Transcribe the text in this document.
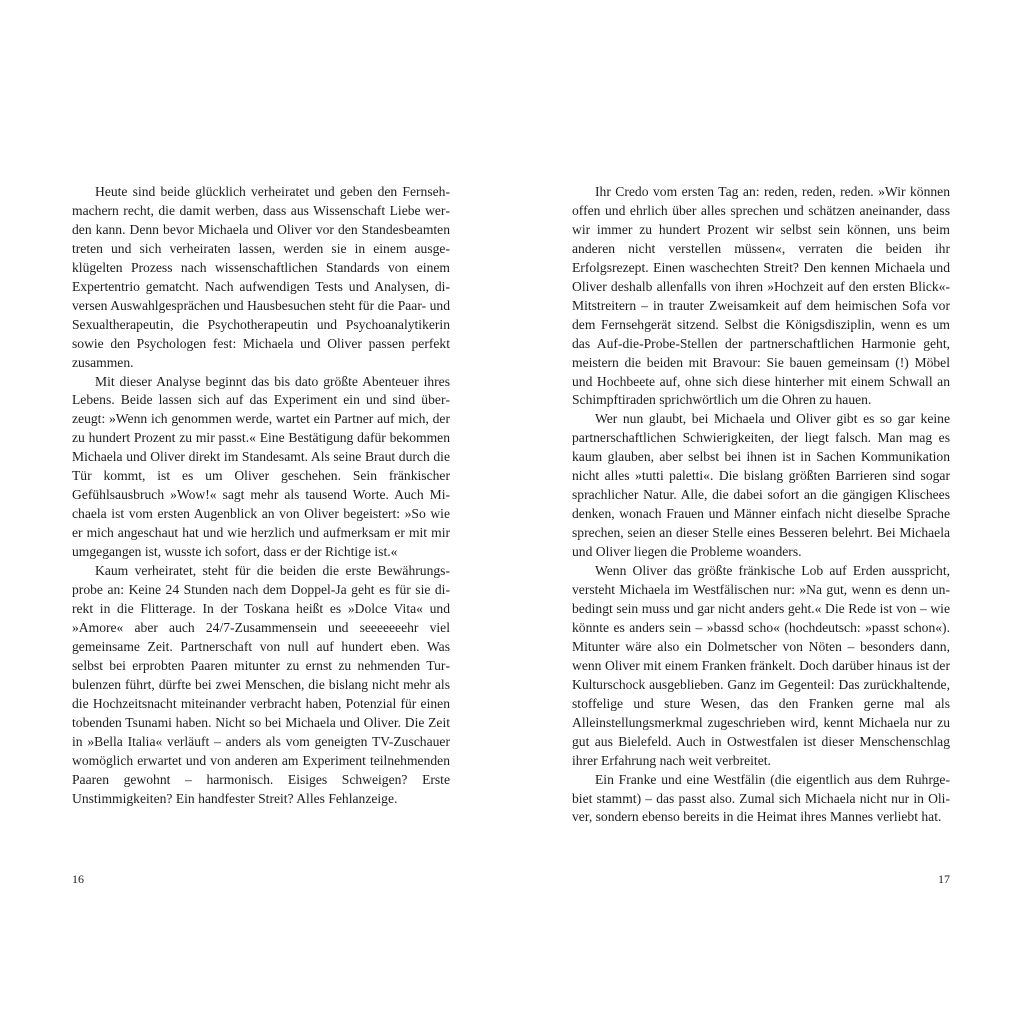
Heute sind beide glücklich verheiratet und geben den Fernsehmachern recht, die damit werben, dass aus Wissenschaft Liebe werden kann. Denn bevor Michaela und Oliver vor den Standesbeamten treten und sich verheiraten lassen, werden sie in einem ausgeklügelten Prozess nach wissenschaftlichen Standards von einem Expertentrio gematcht. Nach aufwendigen Tests und Analysen, diversen Auswahlgesprächen und Hausbesuchen steht für die Paar- und Sexualtherapeutin, die Psychotherapeutin und Psychoanalytikerin sowie den Psychologen fest: Michaela und Oliver passen perfekt zusammen.

Mit dieser Analyse beginnt das bis dato größte Abenteuer ihres Lebens. Beide lassen sich auf das Experiment ein und sind überzeugt: »Wenn ich genommen werde, wartet ein Partner auf mich, der zu hundert Prozent zu mir passt.« Eine Bestätigung dafür bekommen Michaela und Oliver direkt im Standesamt. Als seine Braut durch die Tür kommt, ist es um Oliver geschehen. Sein fränkischer Gefühlsausbruch »Wow!« sagt mehr als tausend Worte. Auch Michaela ist vom ersten Augenblick an von Oliver begeistert: »So wie er mich angeschaut hat und wie herzlich und aufmerksam er mit mir umgegangen ist, wusste ich sofort, dass er der Richtige ist.«

Kaum verheiratet, steht für die beiden die erste Bewährungsprobe an: Keine 24 Stunden nach dem Doppel-Ja geht es für sie direkt in die Flitterage. In der Toskana heißt es »Dolce Vita« und »Amore« aber auch 24/7-Zusammensein und seeeeeeehr viel gemeinsame Zeit. Partnerschaft von null auf hundert eben. Was selbst bei erprobten Paaren mitunter zu ernst zu nehmenden Turbulenzen führt, dürfte bei zwei Menschen, die bislang nicht mehr als die Hochzeitsnacht miteinander verbracht haben, Potenzial für einen tobenden Tsunami haben. Nicht so bei Michaela und Oliver. Die Zeit in »Bella Italia« verläuft – anders als vom geneigten TV-Zuschauer womöglich erwartet und von anderen am Experiment teilnehmenden Paaren gewohnt – harmonisch. Eisiges Schweigen? Erste Unstimmigkeiten? Ein handfester Streit? Alles Fehlanzeige.

16

Ihr Credo vom ersten Tag an: reden, reden, reden. »Wir können offen und ehrlich über alles sprechen und schätzen aneinander, dass wir immer zu hundert Prozent wir selbst sein können, uns beim anderen nicht verstellen müssen«, verraten die beiden ihr Erfolgsrezept. Einen waschechten Streit? Den kennen Michaela und Oliver deshalb allenfalls von ihren »Hochzeit auf den ersten Blick«-Mitstreitern – in trauter Zweisamkeit auf dem heimischen Sofa vor dem Fernsehgerät sitzend. Selbst die Königsdisziplin, wenn es um das Auf-die-Probe-Stellen der partnerschaftlichen Harmonie geht, meistern die beiden mit Bravour: Sie bauen gemeinsam (!) Möbel und Hochbeete auf, ohne sich diese hinterher mit einem Schwall an Schimpftiraden sprichwörtlich um die Ohren zu hauen.

Wer nun glaubt, bei Michaela und Oliver gibt es so gar keine partnerschaftlichen Schwierigkeiten, der liegt falsch. Man mag es kaum glauben, aber selbst bei ihnen ist in Sachen Kommunikation nicht alles »tutti paletti«. Die bislang größten Barrieren sind sogar sprachlicher Natur. Alle, die dabei sofort an die gängigen Klischees denken, wonach Frauen und Männer einfach nicht dieselbe Sprache sprechen, seien an dieser Stelle eines Besseren belehrt. Bei Michaela und Oliver liegen die Probleme woanders.

Wenn Oliver das größte fränkische Lob auf Erden ausspricht, versteht Michaela im Westfälischen nur: »Na gut, wenn es denn unbedingt sein muss und gar nicht anders geht.« Die Rede ist von – wie könnte es anders sein – »bassd scho« (hochdeutsch: »passt schon«). Mitunter wäre also ein Dolmetscher von Nöten – besonders dann, wenn Oliver mit einem Franken fränkelt. Doch darüber hinaus ist der Kulturschock ausgeblieben. Ganz im Gegenteil: Das zurückhaltende, stoffelige und sture Wesen, das den Franken gerne mal als Alleinstellungsmerkmal zugeschrieben wird, kennt Michaela nur zu gut aus Bielefeld. Auch in Ostwestfalen ist dieser Menschenschlag ihrer Erfahrung nach weit verbreitet.

Ein Franke und eine Westfälin (die eigentlich aus dem Ruhrgebiet stammt) – das passt also. Zumal sich Michaela nicht nur in Oliver, sondern ebenso bereits in die Heimat ihres Mannes verliebt hat.

17
